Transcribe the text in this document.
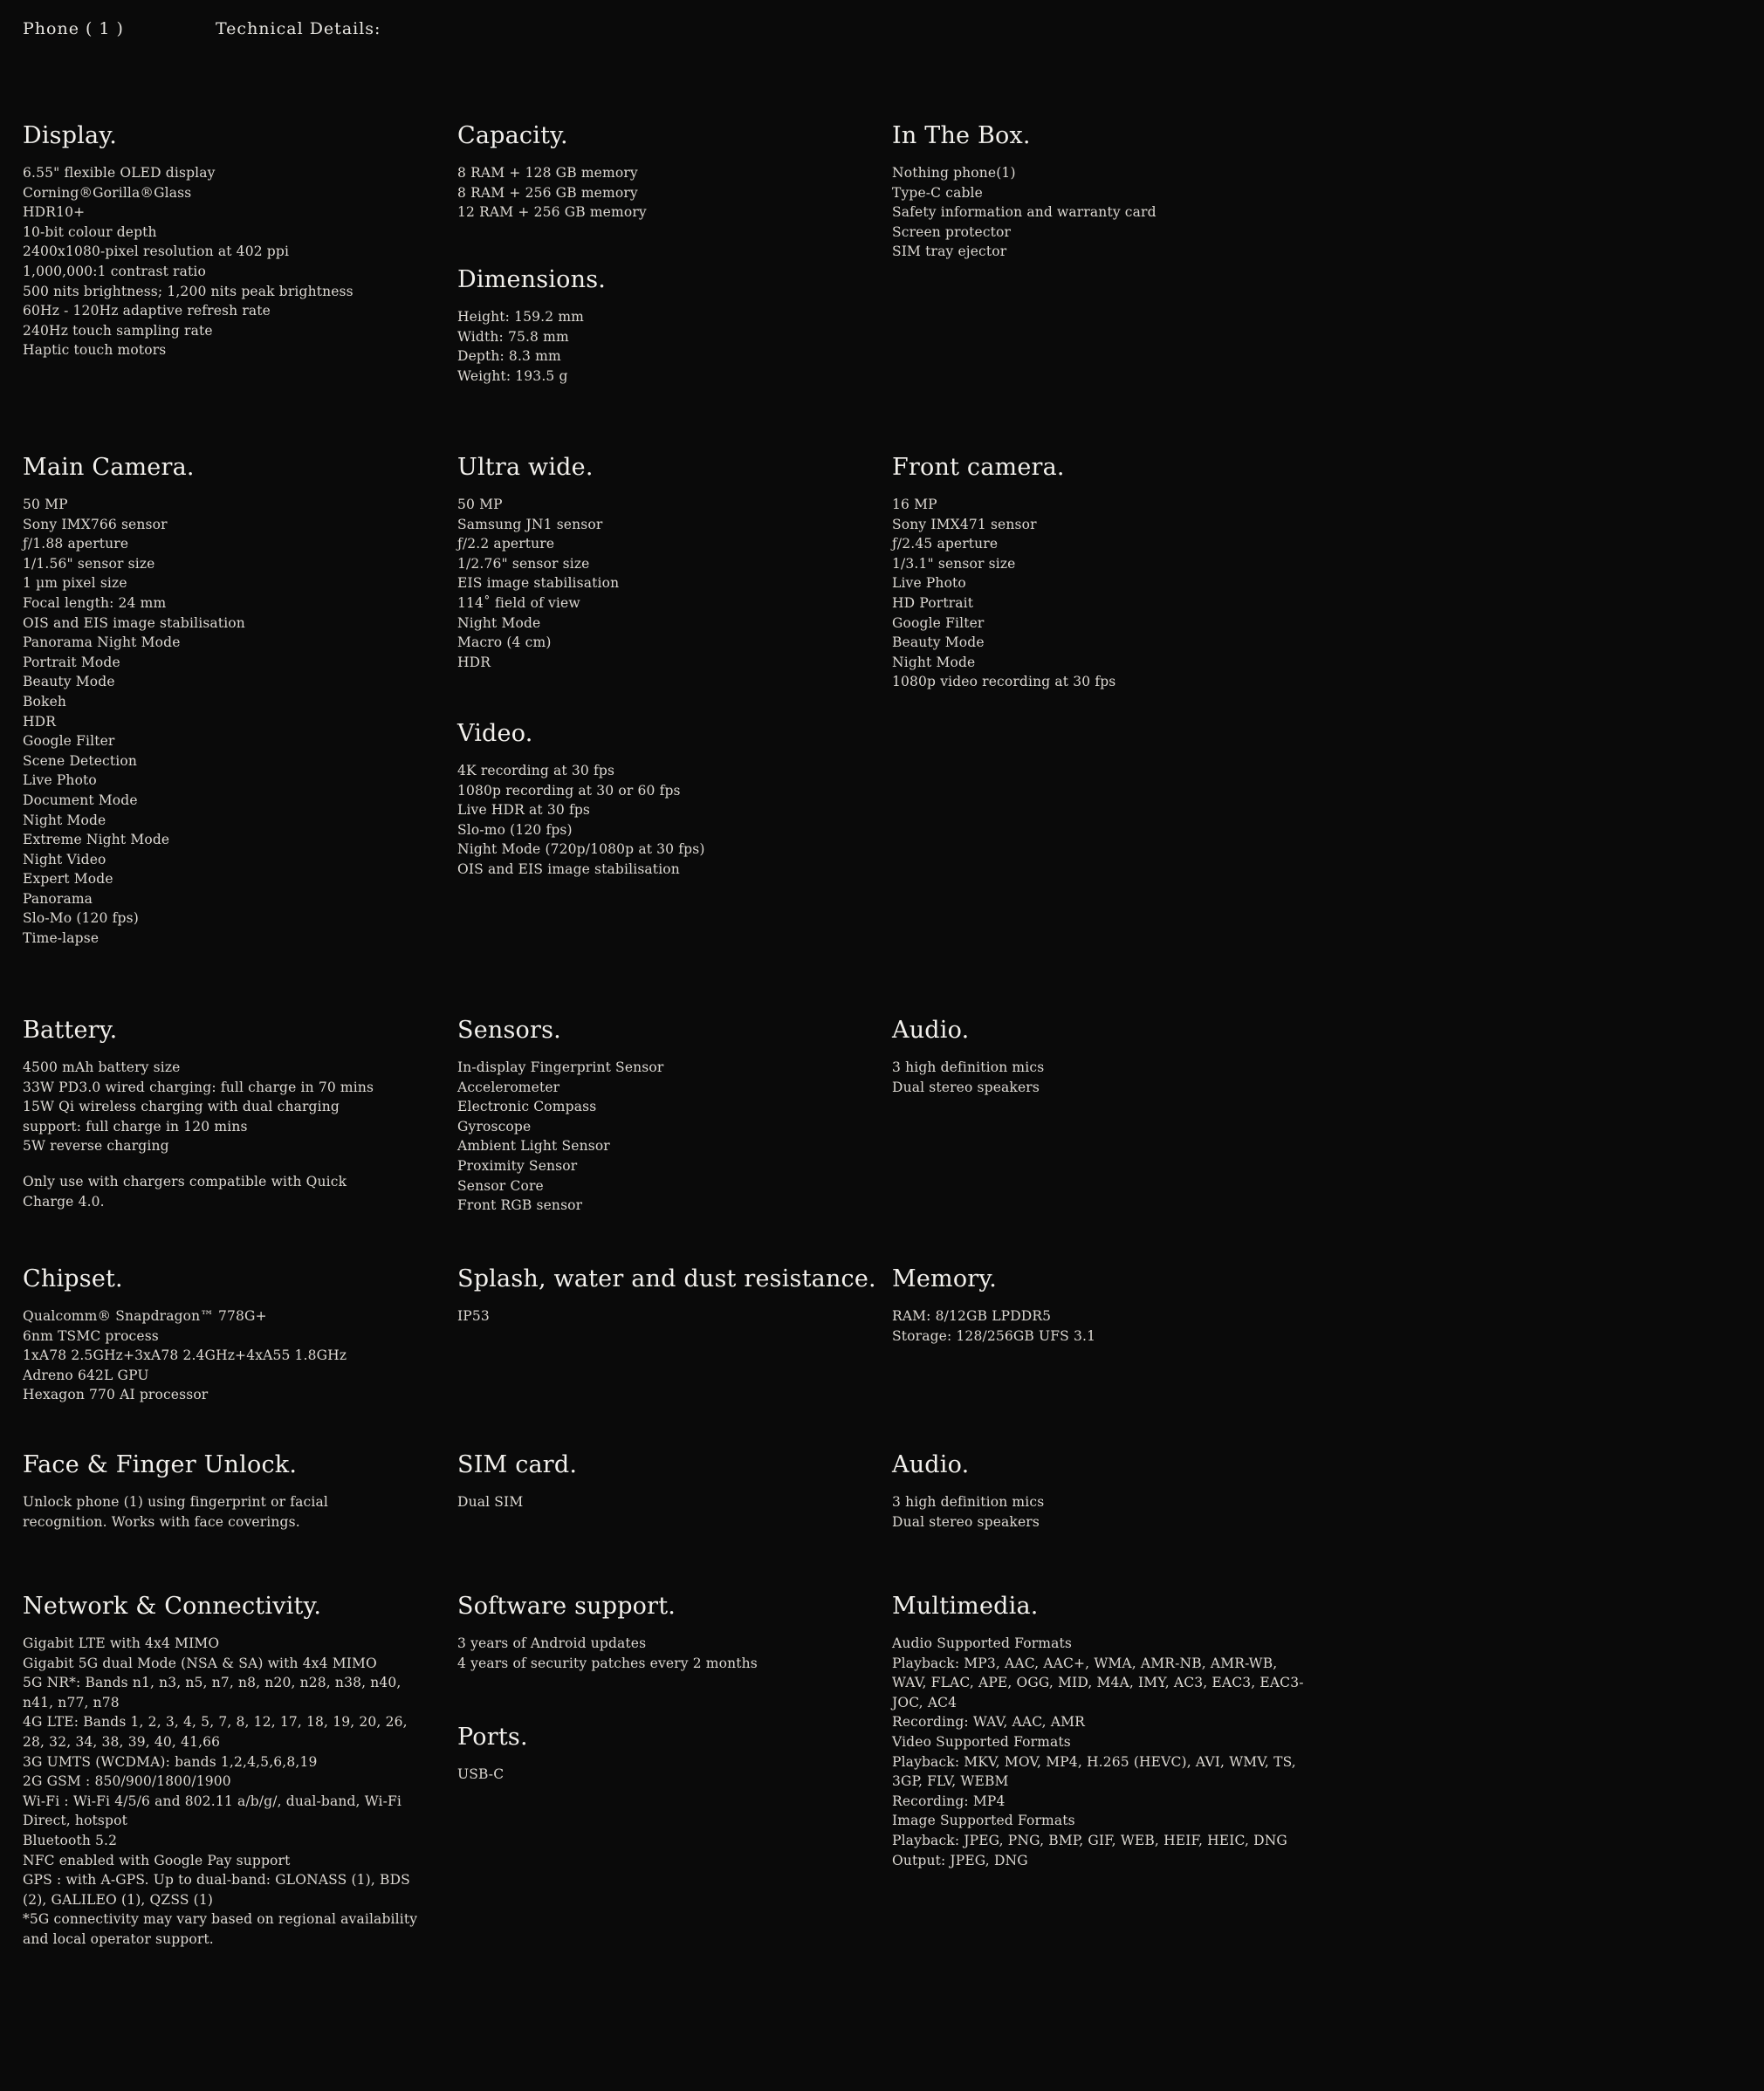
Phone ( 1 )	Technical Details:
Display.
6.55" flexible OLED display
Corning®Gorilla®Glass
HDR10+
10-bit colour depth
2400x1080-pixel resolution at 402 ppi
1,000,000:1 contrast ratio
500 nits brightness; 1,200 nits peak brightness
60Hz - 120Hz adaptive refresh rate
240Hz touch sampling rate
Haptic touch motors
Main Camera.
50 MP
Sony IMX766 sensor
ƒ/1.88 aperture
1/1.56" sensor size
1 µm pixel size
Focal length: 24 mm
OIS and EIS image stabilisation
Panorama Night Mode
Portrait Mode
Beauty Mode
Bokeh
HDR
Google Filter
Scene Detection
Live Photo
Document Mode
Night Mode
Extreme Night Mode
Night Video
Expert Mode
Panorama
Slo-Mo (120 fps)
Time-lapse
Battery.
4500 mAh battery size
33W PD3.0 wired charging: full charge in 70 mins
15W Qi wireless charging with dual charging
support: full charge in 120 mins
5W reverse charging
Only use with chargers compatible with Quick
Charge 4.0.
Chipset.
Qualcomm® Snapdragon™ 778G+
6nm TSMC process
1xA78 2.5GHz+3xA78 2.4GHz+4xA55 1.8GHz
Adreno 642L GPU
Hexagon 770 AI processor
Face & Finger Unlock.
Unlock phone (1) using fingerprint or facial
recognition. Works with face coverings.
Network & Connectivity.
Gigabit LTE with 4x4 MIMO
Gigabit 5G dual Mode (NSA & SA) with 4x4 MIMO
5G NR*: Bands n1, n3, n5, n7, n8, n20, n28, n38, n40, n41, n77, n78
4G LTE: Bands 1, 2, 3, 4, 5, 7, 8, 12, 17, 18, 19, 20, 26, 28, 32, 34, 38, 39, 40, 41,66
3G UMTS (WCDMA): bands 1,2,4,5,6,8,19
2G GSM : 850/900/1800/1900
Wi-Fi : Wi-Fi 4/5/6 and 802.11 a/b/g/, dual-band, Wi-Fi Direct, hotspot
Bluetooth 5.2
NFC enabled with Google Pay support
GPS : with A-GPS. Up to dual-band: GLONASS (1), BDS (2), GALILEO (1), QZSS (1)
*5G connectivity may vary based on regional availability and local operator support.
Capacity.
8 RAM + 128 GB memory
8 RAM + 256 GB memory
12 RAM + 256 GB memory
Dimensions.
Height: 159.2 mm
Width: 75.8 mm
Depth: 8.3 mm
Weight: 193.5 g
Ultra wide.
50 MP
Samsung JN1 sensor
ƒ/2.2 aperture
1/2.76" sensor size
EIS image stabilisation
114˚ field of view
Night Mode
Macro (4 cm)
HDR
Video.
4K recording at 30 fps
1080p recording at 30 or 60 fps
Live HDR at 30 fps
Slo-mo (120 fps)
Night Mode (720p/1080p at 30 fps)
OIS and EIS image stabilisation
Sensors.
In-display Fingerprint Sensor
Accelerometer
Electronic Compass
Gyroscope
Ambient Light Sensor
Proximity Sensor
Sensor Core
Front RGB sensor
Splash, water and dust resistance.
IP53
SIM card.
Dual SIM
Software support.
3 years of Android updates
4 years of security patches every 2 months
Ports.
USB-C
In The Box.
Nothing phone(1)
Type-C cable
Safety information and warranty card
Screen protector
SIM tray ejector
Front camera.
16 MP
Sony IMX471 sensor
ƒ/2.45 aperture
1/3.1" sensor size
Live Photo
HD Portrait
Google Filter
Beauty Mode
Night Mode
1080p video recording at 30 fps
Audio.
3 high definition mics
Dual stereo speakers
Memory.
RAM: 8/12GB LPDDR5
Storage: 128/256GB UFS 3.1
Audio.
3 high definition mics
Dual stereo speakers
Multimedia.
Audio Supported Formats
Playback: MP3, AAC, AAC+, WMA, AMR-NB, AMR-WB, WAV, FLAC, APE, OGG, MID, M4A, IMY, AC3, EAC3, EAC3-JOC, AC4
Recording: WAV, AAC, AMR
Video Supported Formats
Playback: MKV, MOV, MP4, H.265 (HEVC), AVI, WMV, TS, 3GP, FLV, WEBM
Recording: MP4
Image Supported Formats
Playback: JPEG, PNG, BMP, GIF, WEB, HEIF, HEIC, DNG
Output: JPEG, DNG
